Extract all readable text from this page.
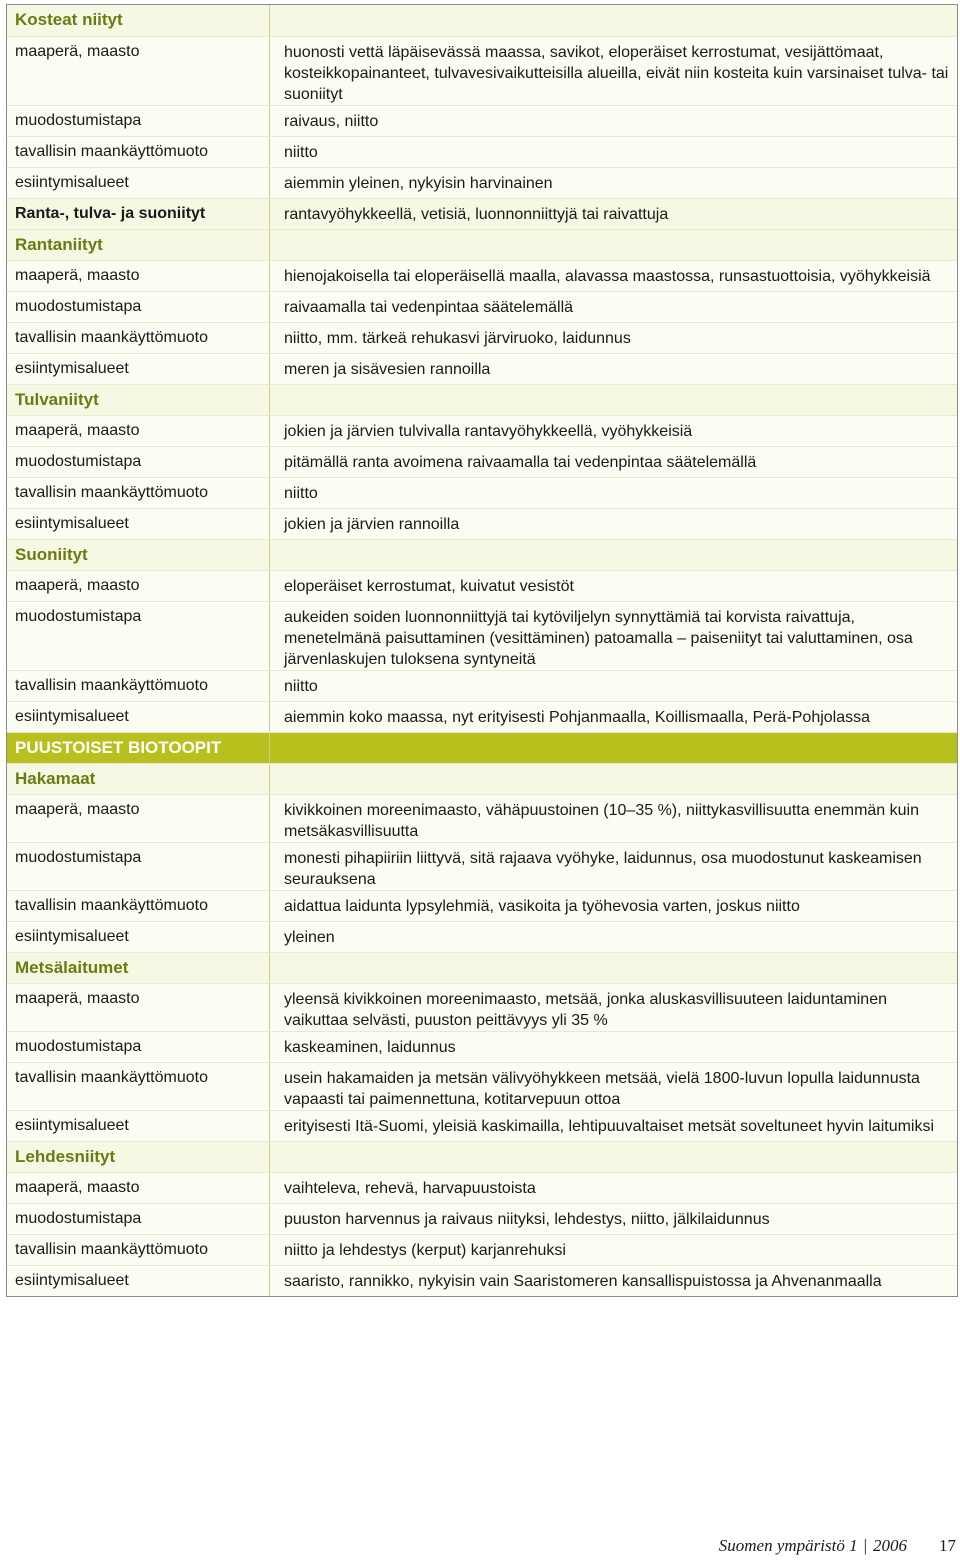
Kosteat niityt
maaperä, maasto	huonosti vettä läpäisevässä maassa, savikot, eloperäiset kerrostumat, vesijättömaat, kosteikkopainanteet, tulvavesivaikutteisilla alueilla, eivät niin kosteita kuin varsinaiset tulva- tai suoniityt
muodostumistapa	raivaus, niitto
tavallisin maankäyttömuoto	niitto
esiintymisalueet	aiemmin yleinen, nykyisin harvinainen
Ranta-, tulva- ja suoniityt	rantavyöhykkeellä, vetisiä, luonnonniittyjä tai raivattuja
Rantaniityt
maaperä, maasto	hienojakoisella tai eloperäisellä maalla, alavassa maastossa, runsastuottoisia, vyöhykkeisiä
muodostumistapa	raivaamalla tai vedenpintaa säätelemällä
tavallisin maankäyttömuoto	niitto, mm. tärkeä rehukasvi järviruoko, laidunnus
esiintymisalueet	meren ja sisävesien rannoilla
Tulvaniityt
maaperä, maasto	jokien ja järvien tulvivalla rantavyöhykkeellä, vyöhykkeisiä
muodostumistapa	pitämällä ranta avoimena raivaamalla tai vedenpintaa säätelemällä
tavallisin maankäyttömuoto	niitto
esiintymisalueet	jokien ja järvien rannoilla
Suoniityt
maaperä, maasto	eloperäiset kerrostumat, kuivatut vesistöt
muodostumistapa	aukeiden soiden luonnonniittyjä tai kytöviljelyn synnyttämiä tai korvista raivattuja, menetelmänä paisuttaminen (vesittäminen) patoamalla – paiseniityt tai valuttaminen, osa järvenlaskujen tuloksena syntyneitä
tavallisin maankäyttömuoto	niitto
esiintymisalueet	aiemmin koko maassa, nyt erityisesti Pohjanmaalla, Koillismaalla, Perä-Pohjolassa
PUUSTOISET BIOTOOPIT
Hakamaat
maaperä, maasto	kivikkoinen moreenimaasto, vähäpuustoinen (10–35 %), niittykasvillisuutta enemmän kuin metsäkasvillisuutta
muodostumistapa	monesti pihapiiriin liittyvä, sitä rajaava vyöhyke, laidunnus, osa muodostunut kaskeamisen seurauksena
tavallisin maankäyttömuoto	aidattua laidunta lypsylehmiä, vasikoita ja työhevosia varten, joskus niitto
esiintymisalueet	yleinen
Metsälaitumet
maaperä, maasto	yleensä kivikkoinen moreenimaasto, metsää, jonka aluskasvillisuuteen laiduntaminen vaikuttaa selvästi, puuston peittävyys yli 35 %
muodostumistapa	kaskeaminen, laidunnus
tavallisin maankäyttömuoto	usein hakamaiden ja metsän välivyöhykkeen metsää, vielä 1800-luvun lopulla laidunnusta vapaasti tai paimennettuna, kotitarvepuun ottoa
esiintymisalueet	erityisesti Itä-Suomi, yleisiä kaskimailla, lehtipuuvaltaiset metsät soveltuneet hyvin laitumiksi
Lehdesniityt
maaperä, maasto	vaihteleva, rehevä, harvapuustoista
muodostumistapa	puuston harvennus ja raivaus niityksi, lehdestys, niitto, jälkilaidunnus
tavallisin maankäyttömuoto	niitto ja lehdestys (kerput) karjanrehuksi
esiintymisalueet	saaristo, rannikko, nykyisin vain Saaristomeren kansallispuistossa ja Ahvenanmaalla
Suomen ympäristö 1 | 2006 17
